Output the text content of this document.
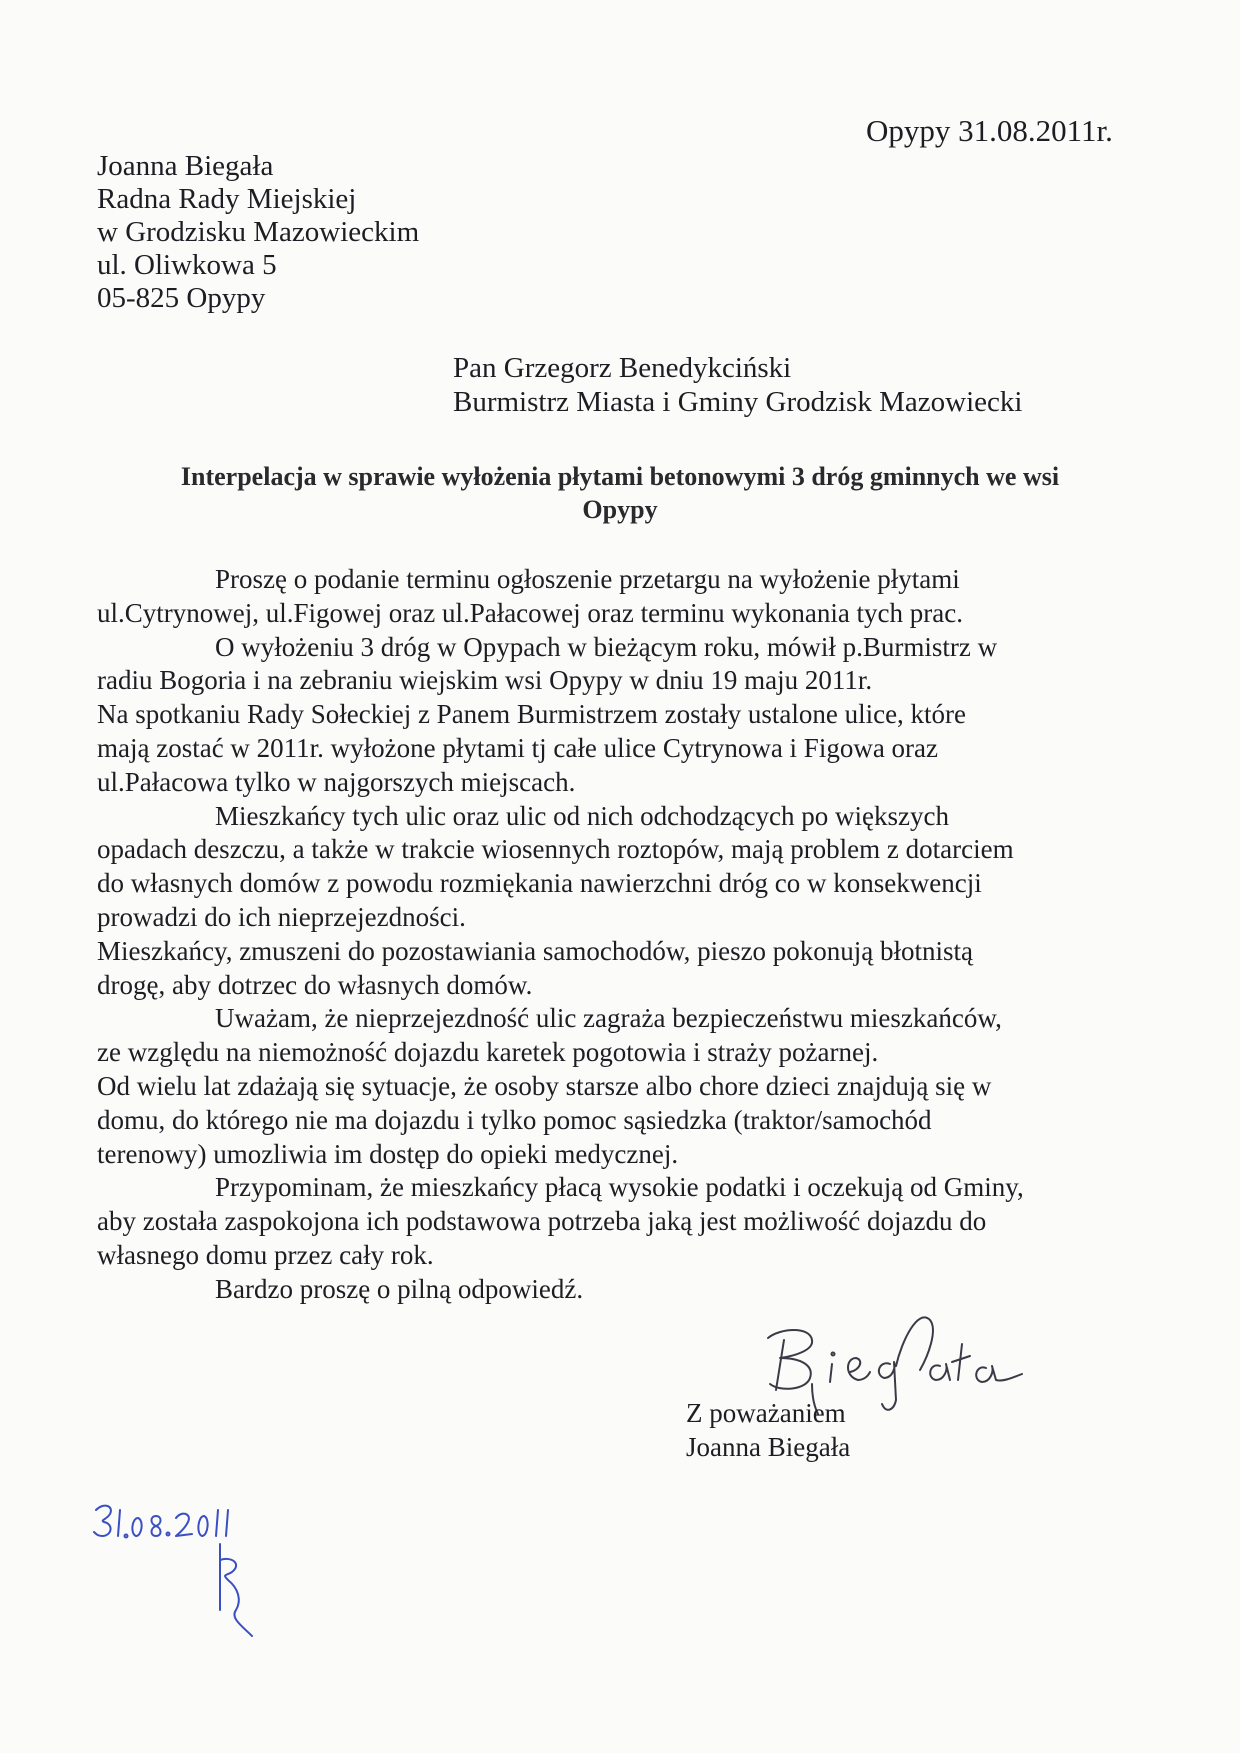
Opypy 31.08.2011r.
Joanna Biegała
Radna Rady Miejskiej
w Grodzisku Mazowieckim
ul. Oliwkowa 5
05-825 Opypy
Pan Grzegorz Benedykciński
Burmistrz Miasta i Gminy Grodzisk Mazowiecki
Interpelacja w sprawie wyłożenia płytami betonowymi 3 dróg gminnych we wsi
Opypy

Proszę o podanie terminu ogłoszenie przetargu na wyłożenie płytami

ul.Cytrynowej, ul.Figowej oraz ul.Pałacowej oraz terminu wykonania tych prac.

O wyłożeniu 3 dróg w Opypach w bieżącym roku, mówił p.Burmistrz w

radiu Bogoria i na zebraniu wiejskim wsi Opypy w dniu 19 maju 2011r.

Na spotkaniu Rady Sołeckiej z Panem Burmistrzem zostały ustalone ulice, które

mają zostać w 2011r. wyłożone płytami tj całe ulice Cytrynowa i Figowa oraz

ul.Pałacowa tylko w najgorszych miejscach.

Mieszkańcy tych ulic oraz ulic od nich odchodzących po większych

opadach deszczu, a także w trakcie wiosennych roztopów, mają problem z dotarciem

do własnych domów z powodu rozmiękania nawierzchni dróg co w konsekwencji

prowadzi do ich nieprzejezdności.

Mieszkańcy, zmuszeni do pozostawiania samochodów, pieszo pokonują błotnistą

drogę, aby dotrzec do własnych domów.

Uważam, że nieprzejezdność ulic zagraża bezpieczeństwu mieszkańców,

ze względu na niemożność dojazdu karetek pogotowia i straży pożarnej.

Od wielu lat zdażają się sytuacje, że osoby starsze albo chore dzieci znajdują się w

domu, do którego nie ma dojazdu i tylko pomoc sąsiedzka (traktor/samochód

terenowy) umozliwia im dostęp do opieki medycznej.

Przypominam, że mieszkańcy płacą wysokie podatki i oczekują od Gminy,

aby została zaspokojona ich podstawowa potrzeba jaką jest możliwość dojazdu do

własnego domu przez cały rok.

Bardzo proszę o pilną odpowiedź.

Z poważaniem
Joanna Biegała
